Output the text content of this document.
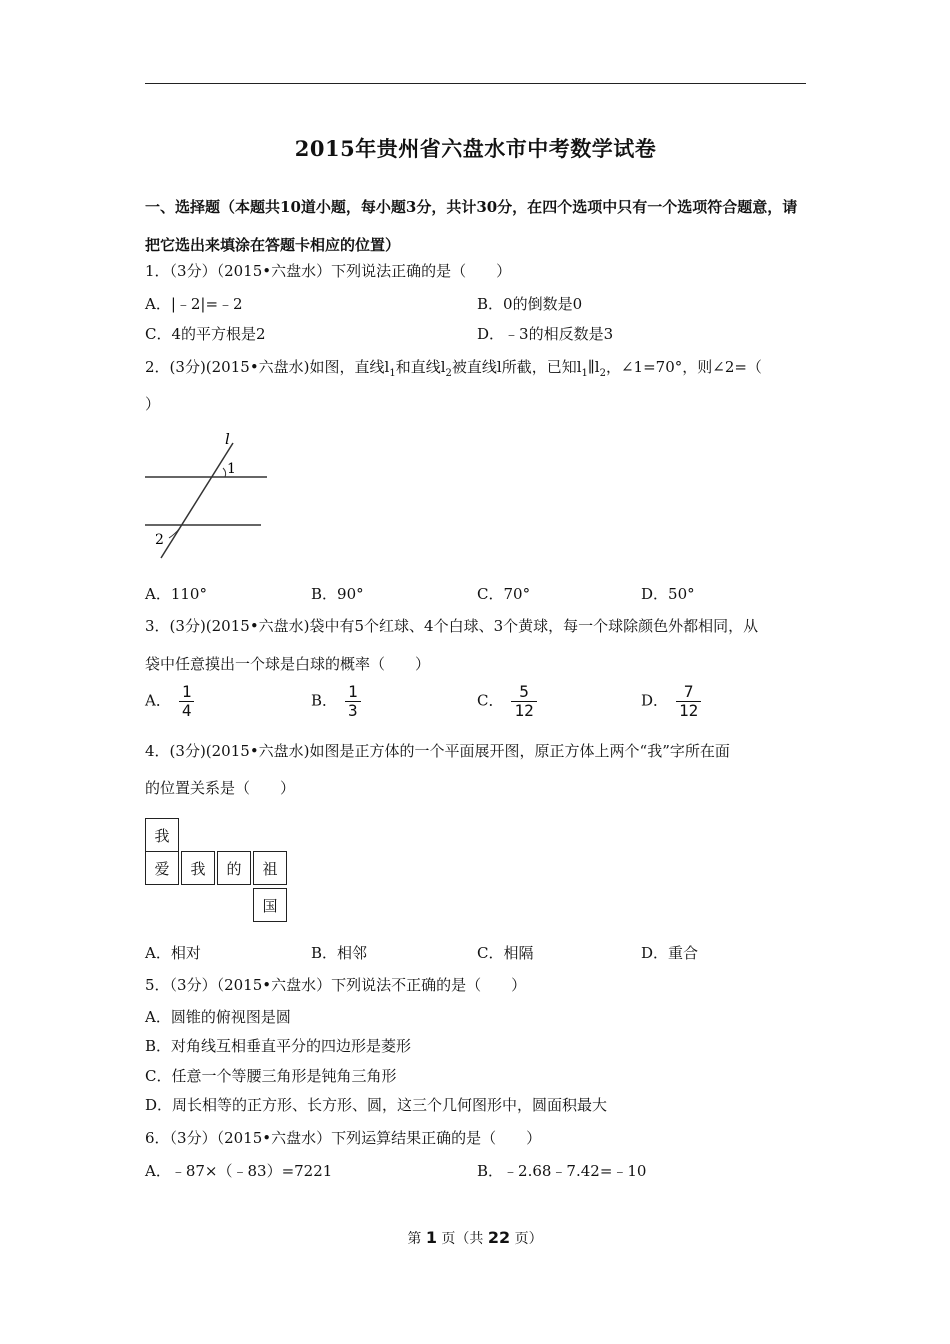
2015年贵州省六盘水市中考数学试卷
一、选择题（本题共10道小题，每小题3分，共计30分，在四个选项中只有一个选项符合题意，请把它选出来填涂在答题卡相应的位置）
1．（3分）（2015•六盘水）下列说法正确的是（　　）
A．|﹣2|=﹣2	B．0的倒数是0
C．4的平方根是2	D．﹣3的相反数是3
2．(3分)(2015•六盘水)如图，直线$l_1$和直线$l_2$被直线l所截，已知$l_1\parallel l_2$，∠1=70°，则∠2=（
）
l
1
2
A．110°	B．90°	C．70°	D．50°
3．(3分)(2015•六盘水)袋中有5个红球、4个白球、3个黄球，每一个球除颜色外都相同，从
袋中任意摸出一个球是白球的概率（　　）
A． $\frac{1}{4}$	B． $\frac{1}{3}$	C． $\frac{5}{12}$	D． $\frac{7}{12}$
4．(3分)(2015•六盘水)如图是正方体的一个平面展开图，原正方体上两个“我”字所在面
的位置关系是（　　）
我
爱	我	的	祖
国
A．相对	B．相邻	C．相隔	D．重合
5．（3分）（2015•六盘水）下列说法不正确的是（　　）
A．圆锥的俯视图是圆
B．对角线互相垂直平分的四边形是菱形
C．任意一个等腰三角形是钝角三角形
D．周长相等的正方形、长方形、圆，这三个几何图形中，圆面积最大
6．（3分）（2015•六盘水）下列运算结果正确的是（　　）
A．﹣87×（﹣83）=7221	B．﹣2.68﹣7.42=﹣10
第 1 页（共 22 页）
